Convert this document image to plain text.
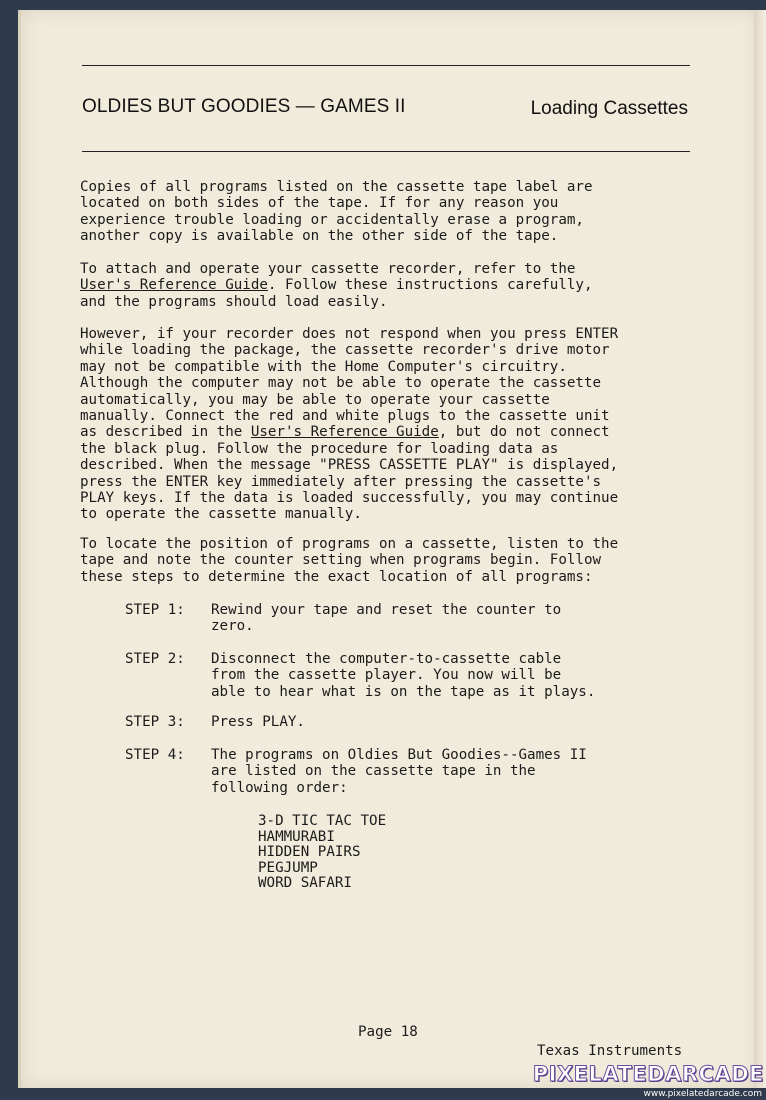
OLDIES BUT GOODIES — GAMES II	Loading Cassettes
Copies of all programs listed on the cassette tape label are
located on both sides of the tape. If for any reason you
experience trouble loading or accidentally erase a program,
another copy is available on the other side of the tape.
To attach and operate your cassette recorder, refer to the
User's Reference Guide. Follow these instructions carefully,
and the programs should load easily.
However, if your recorder does not respond when you press ENTER
while loading the package, the cassette recorder's drive motor
may not be compatible with the Home Computer's circuitry.
Although the computer may not be able to operate the cassette
automatically, you may be able to operate your cassette
manually. Connect the red and white plugs to the cassette unit
as described in the User's Reference Guide, but do not connect
the black plug. Follow the procedure for loading data as
described. When the message "PRESS CASSETTE PLAY" is displayed,
press the ENTER key immediately after pressing the cassette's
PLAY keys. If the data is loaded successfully, you may continue
to operate the cassette manually.
To locate the position of programs on a cassette, listen to the
tape and note the counter setting when programs begin. Follow
these steps to determine the exact location of all programs:
STEP 1: Rewind your tape and reset the counter to
zero.
STEP 2: Disconnect the computer-to-cassette cable
from the cassette player. You now will be
able to hear what is on the tape as it plays.
STEP 3: Press PLAY.
STEP 4: The programs on Oldies But Goodies--Games II
are listed on the cassette tape in the
following order:
3-D TIC TAC TOE
HAMMURABI
HIDDEN PAIRS
PEGJUMP
WORD SAFARI
Page 18
Texas Instruments
PIXELATEDARCADE
www.pixelatedarcade.com
